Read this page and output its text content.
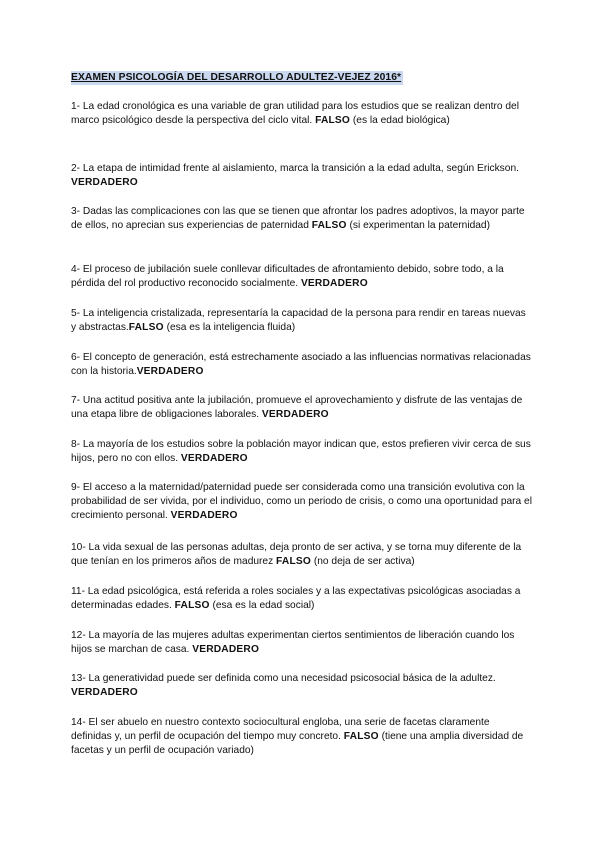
EXAMEN PSICOLOGÍA DEL DESARROLLO ADULTEZ-VEJEZ 2016*
1- La edad cronológica es una variable de gran utilidad para los estudios que se realizan dentro del marco psicológico desde la perspectiva del ciclo vital. FALSO (es la edad biológica)
2- La etapa de intimidad frente al aislamiento, marca la transición a la edad adulta, según Erickson. VERDADERO
3- Dadas las complicaciones con las que se tienen que afrontar los padres adoptivos, la mayor parte de ellos, no aprecian sus experiencias de paternidad FALSO (si experimentan la paternidad)
4- El proceso de jubilación suele conllevar dificultades de afrontamiento debido, sobre todo, a la pérdida del rol productivo reconocido socialmente. VERDADERO
5- La inteligencia cristalizada, representaría la capacidad de la persona para rendir en tareas nuevas y abstractas.FALSO (esa es la inteligencia fluida)
6- El concepto de generación, está estrechamente asociado a las influencias normativas relacionadas con la historia.VERDADERO
7- Una actitud positiva ante la jubilación, promueve el aprovechamiento y disfrute de las ventajas de una etapa libre de obligaciones laborales. VERDADERO
8- La mayoría de los estudios sobre la población mayor indican que, estos prefieren vivir cerca de sus hijos, pero no con ellos. VERDADERO
9- El acceso a la maternidad/paternidad puede ser considerada como una transición evolutiva con la probabilidad de ser vivida, por el individuo, como un periodo de crisis, o como una oportunidad para el crecimiento personal. VERDADERO
10- La vida sexual de las personas adultas, deja pronto de ser activa, y se torna muy diferente de la que tenían en los primeros años de madurez FALSO (no deja de ser activa)
11- La edad psicológica, está referida a roles sociales y a las expectativas psicológicas asociadas a determinadas edades. FALSO (esa es la edad social)
12- La mayoría de las mujeres adultas experimentan ciertos sentimientos de liberación cuando los hijos se marchan de casa. VERDADERO
13- La generatividad puede ser definida como una necesidad psicosocial básica de la adultez. VERDADERO
14- El ser abuelo en nuestro contexto sociocultural engloba, una serie de facetas claramente definidas y, un perfil de ocupación del tiempo muy concreto. FALSO (tiene una amplia diversidad de facetas y un perfil de ocupación variado)
